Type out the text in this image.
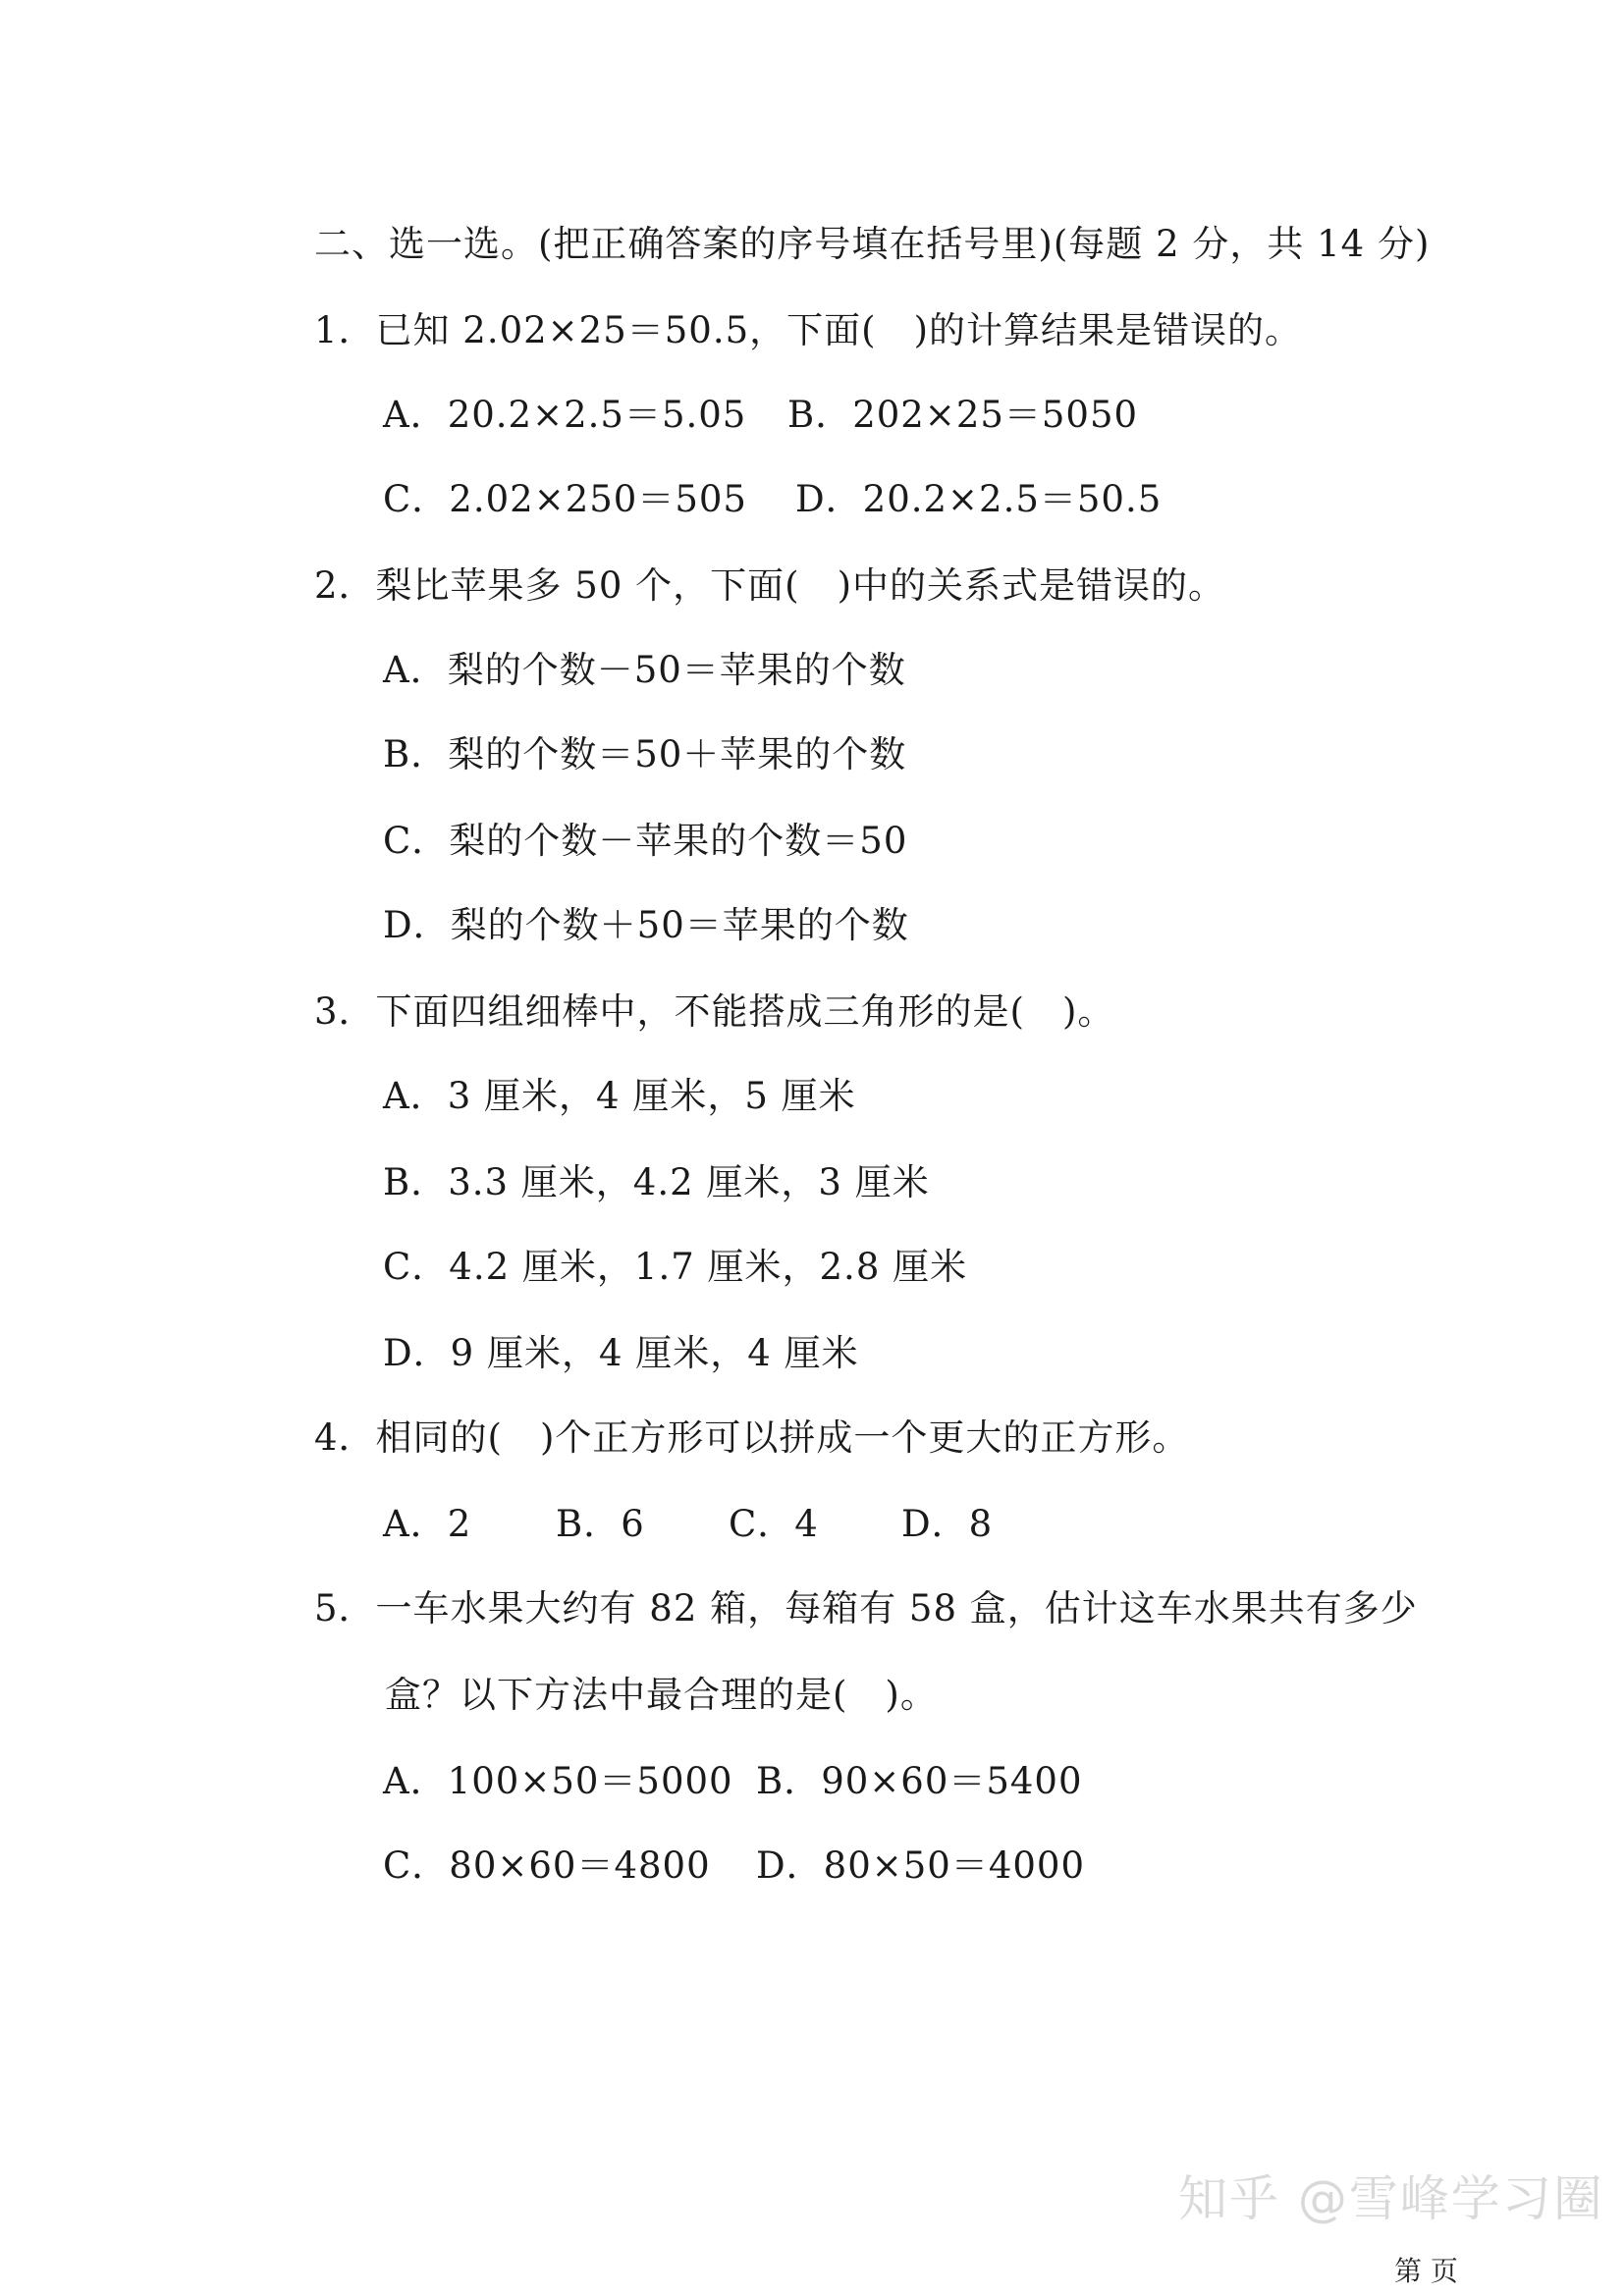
二、选一选。(把正确答案的序号填在括号里)(每题 2 分，共 14 分)
1．已知 2.02×25＝50.5，下面(　)的计算结果是错误的。
A．20.2×2.5＝5.05 B．202×25＝5050
C．2.02×250＝505 D．20.2×2.5＝50.5
2．梨比苹果多 50 个，下面(　)中的关系式是错误的。
A．梨的个数－50＝苹果的个数
B．梨的个数＝50＋苹果的个数
C．梨的个数－苹果的个数＝50
D．梨的个数＋50＝苹果的个数
3．下面四组细棒中，不能搭成三角形的是(　)。
A．3 厘米，4 厘米，5 厘米
B．3.3 厘米，4.2 厘米，3 厘米
C．4.2 厘米，1.7 厘米，2.8 厘米
D．9 厘米，4 厘米，4 厘米
4．相同的(　)个正方形可以拼成一个更大的正方形。
A．2 B．6 C．4 D．8
5．一车水果大约有 82 箱，每箱有 58 盒，估计这车水果共有多少
盒？以下方法中最合理的是(　)。
A．100×50＝5000 B．90×60＝5400
C．80×60＝4800 D．80×50＝4000
知乎 @雪峰学习圈
第 页
